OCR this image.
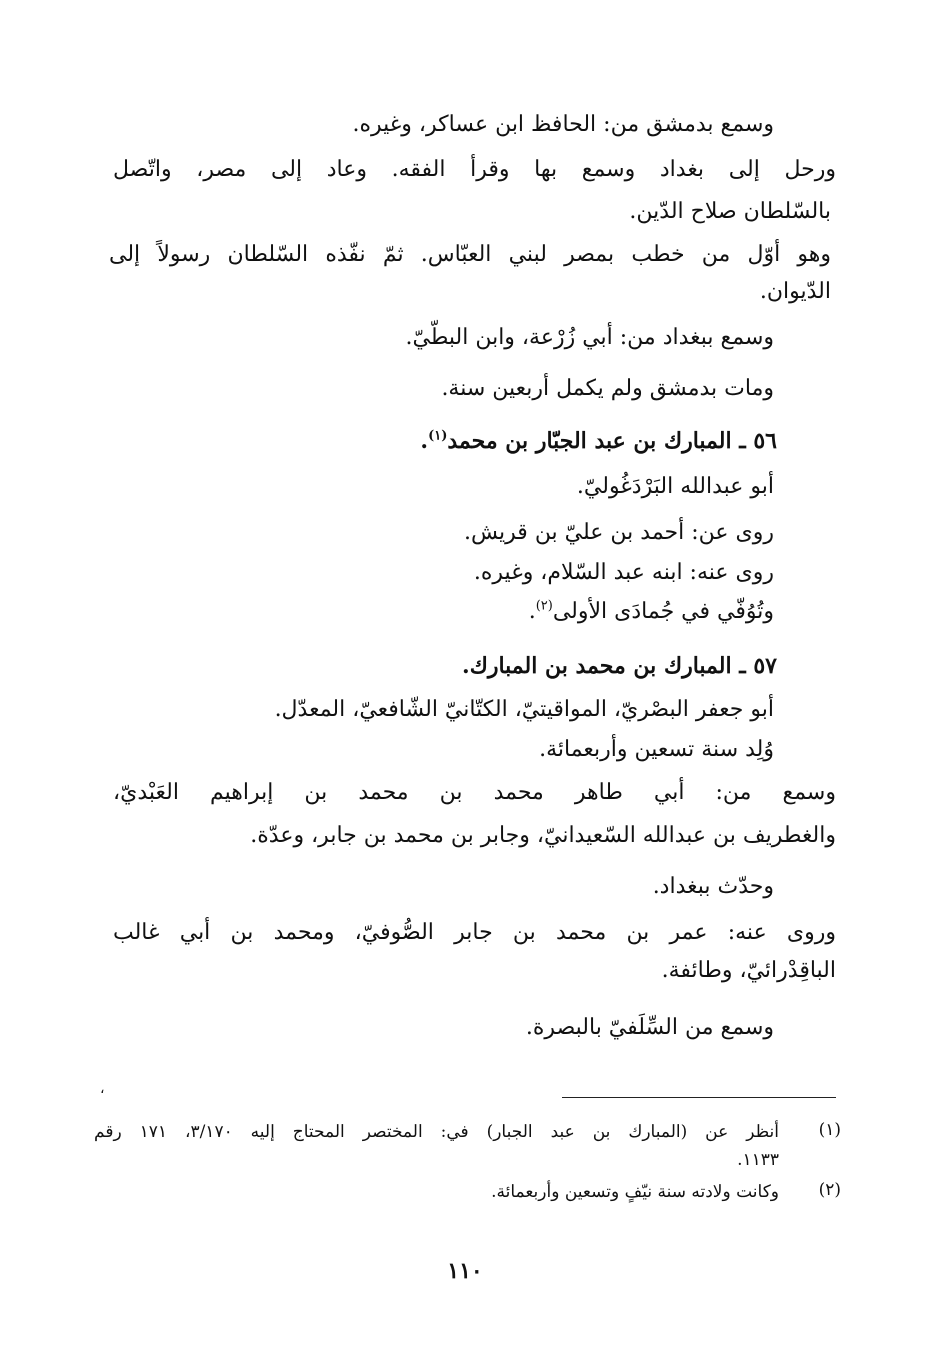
وسمع بدمشق من: الحافظ ابن عساكر، وغيره.
ورحل إلى بغداد وسمع بها وقرأ الفقه. وعاد إلى مصر، واتّصل
بالسّلطان صلاح الدّين.
وهو أوّل من خطب بمصر لبني العبّاس. ثمّ نفّذه السّلطان رسولاً إلى
الدّيوان.
وسمع ببغداد من: أبي زُرْعة، وابن البطّيّ.
ومات بدمشق ولم يكمل أربعين سنة.
٥٦ ـ المبارك بن عبد الجبّار بن محمد$^{(١)}$.
أبو عبدالله البَرْدَغُوليّ.
روى عن: أحمد بن عليّ بن قريش.
روى عنه: ابنه عبد السّلام، وغيره.
وتُوُفّي في جُمادَى الأولى$^{(٢)}$.
٥٧ ـ المبارك بن محمد بن المبارك.
أبو جعفر البصْريّ، المواقيتيّ، الكتّانيّ الشّافعيّ، المعدّل.
وُلِد سنة تسعين وأربعمائة.
وسمع من: أبي طاهر محمد بن محمد بن إبراهيم العَبْديّ،
والغطريف بن عبدالله السّعيدانيّ، وجابر بن محمد بن جابر، وعدّة.
وحدّث ببغداد.
وروى عنه: عمر بن محمد بن جابر الصُّوفيّ، ومحمد بن أبي غالب
الباقِدْرائيّ، وطائفة.
وسمع من السِّلَفيّ بالبصرة.
،
(١)
أنظر عن (المبارك بن عبد الجبار) في: المختصر المحتاج إليه ٣/١٧٠، ١٧١ رقم
١١٣٣.
(٢)
وكانت ولادته سنة نيّفٍ وتسعين وأربعمائة.
١١٠
